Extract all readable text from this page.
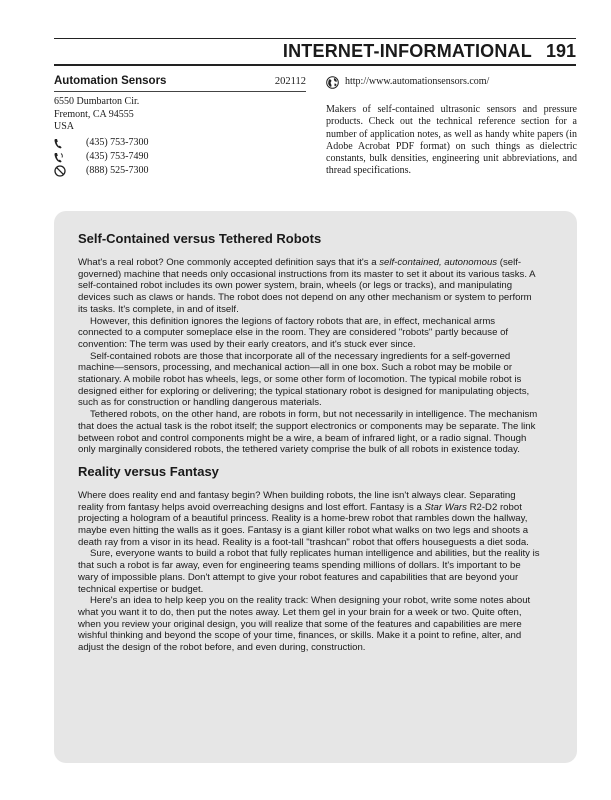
INTERNET-INFORMATIONAL 191
Automation Sensors	202112
6550 Dumbarton Cir.
Fremont, CA 94555
USA
(435) 753-7300
(435) 753-7490
(888) 525-7300
http://www.automationsensors.com/
Makers of self-contained ultrasonic sensors and pressure products. Check out the technical reference section for a number of application notes, as well as handy white papers (in Adobe Acrobat PDF format) on such things as dielectric constants, bulk densities, engineering unit abbreviations, and thread specifications.
Self-Contained versus Tethered Robots

What's a real robot? One commonly accepted definition says that it's a self-contained, autonomous (self-governed) machine that needs only occasional instructions from its master to set it about its various tasks. A self-contained robot includes its own power system, brain, wheels (or legs or tracks), and manipulating devices such as claws or hands. The robot does not depend on any other mechanism or system to perform its tasks. It's complete, in and of itself.

However, this definition ignores the legions of factory robots that are, in effect, mechanical arms connected to a computer someplace else in the room. They are considered "robots" partly because of convention: The term was used by their early creators, and it's stuck ever since.

Self-contained robots are those that incorporate all of the necessary ingredients for a self-governed machine—sensors, processing, and mechanical action—all in one box. Such a robot may be mobile or stationary. A mobile robot has wheels, legs, or some other form of locomotion. The typical mobile robot is designed either for exploring or delivering; the typical stationary robot is designed for manipulating objects, such as for construction or handling dangerous materials.

Tethered robots, on the other hand, are robots in form, but not necessarily in intelligence. The mechanism that does the actual task is the robot itself; the support electronics or components may be separate. The link between robot and control components might be a wire, a beam of infrared light, or a radio signal. Though only marginally considered robots, the tethered variety comprise the bulk of all robots in existence today.

Reality versus Fantasy

Where does reality end and fantasy begin? When building robots, the line isn't always clear. Separating reality from fantasy helps avoid overreaching designs and lost effort. Fantasy is a Star Wars R2-D2 robot projecting a hologram of a beautiful princess. Reality is a home-brew robot that rambles down the hallway, maybe even hitting the walls as it goes. Fantasy is a giant killer robot what walks on two legs and shoots a death ray from a visor in its head. Reality is a foot-tall "trashcan" robot that offers houseguests a diet soda.

Sure, everyone wants to build a robot that fully replicates human intelligence and abilities, but the reality is that such a robot is far away, even for engineering teams spending millions of dollars. It's important to be wary of impossible plans. Don't attempt to give your robot features and capabilities that are beyond your technical expertise or budget.

Here's an idea to help keep you on the reality track: When designing your robot, write some notes about what you want it to do, then put the notes away. Let them gel in your brain for a week or two. Quite often, when you review your original design, you will realize that some of the features and capabilities are mere wishful thinking and beyond the scope of your time, finances, or skills. Make it a point to refine, alter, and adjust the design of the robot before, and even during, construction.
